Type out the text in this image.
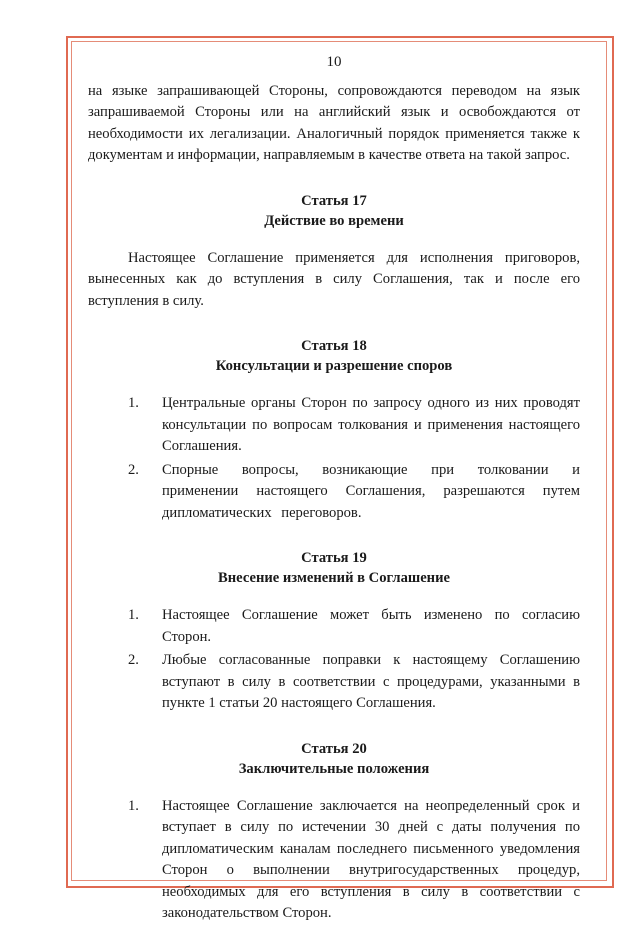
10

на языке запрашивающей Стороны, сопровождаются переводом на язык запрашиваемой Стороны или на английский язык и освобождаются от необходимости их легализации. Аналогичный порядок применяется также к документам и информации, направляемым в качестве ответа на такой запрос.

Статья 17
Действие во времени

Настоящее Соглашение применяется для исполнения приговоров, вынесенных как до вступления в силу Соглашения, так и после его вступления в силу.

Статья 18
Консультации и разрешение споров
1.	Центральные органы Сторон по запросу одного из них проводят консультации по вопросам толкования и применения настоящего Соглашения.
2.	Спорные вопросы, возникающие при толковании и применении настоящего Соглашения, разрешаются путем дипломатических переговоров.
Статья 19
Внесение изменений в Соглашение
1.	Настоящее Соглашение может быть изменено по согласию Сторон.
2.	Любые согласованные поправки к настоящему Соглашению вступают в силу в соответствии с процедурами, указанными в пункте 1 статьи 20 настоящего Соглашения.
Статья 20
Заключительные положения
1.	Настоящее Соглашение заключается на неопределенный срок и вступает в силу по истечении 30 дней с даты получения по дипломатическим каналам последнего письменного уведомления Сторон о выполнении внутригосударственных процедур, необходимых для его вступления в силу в соответствии с законодательством Сторон.
